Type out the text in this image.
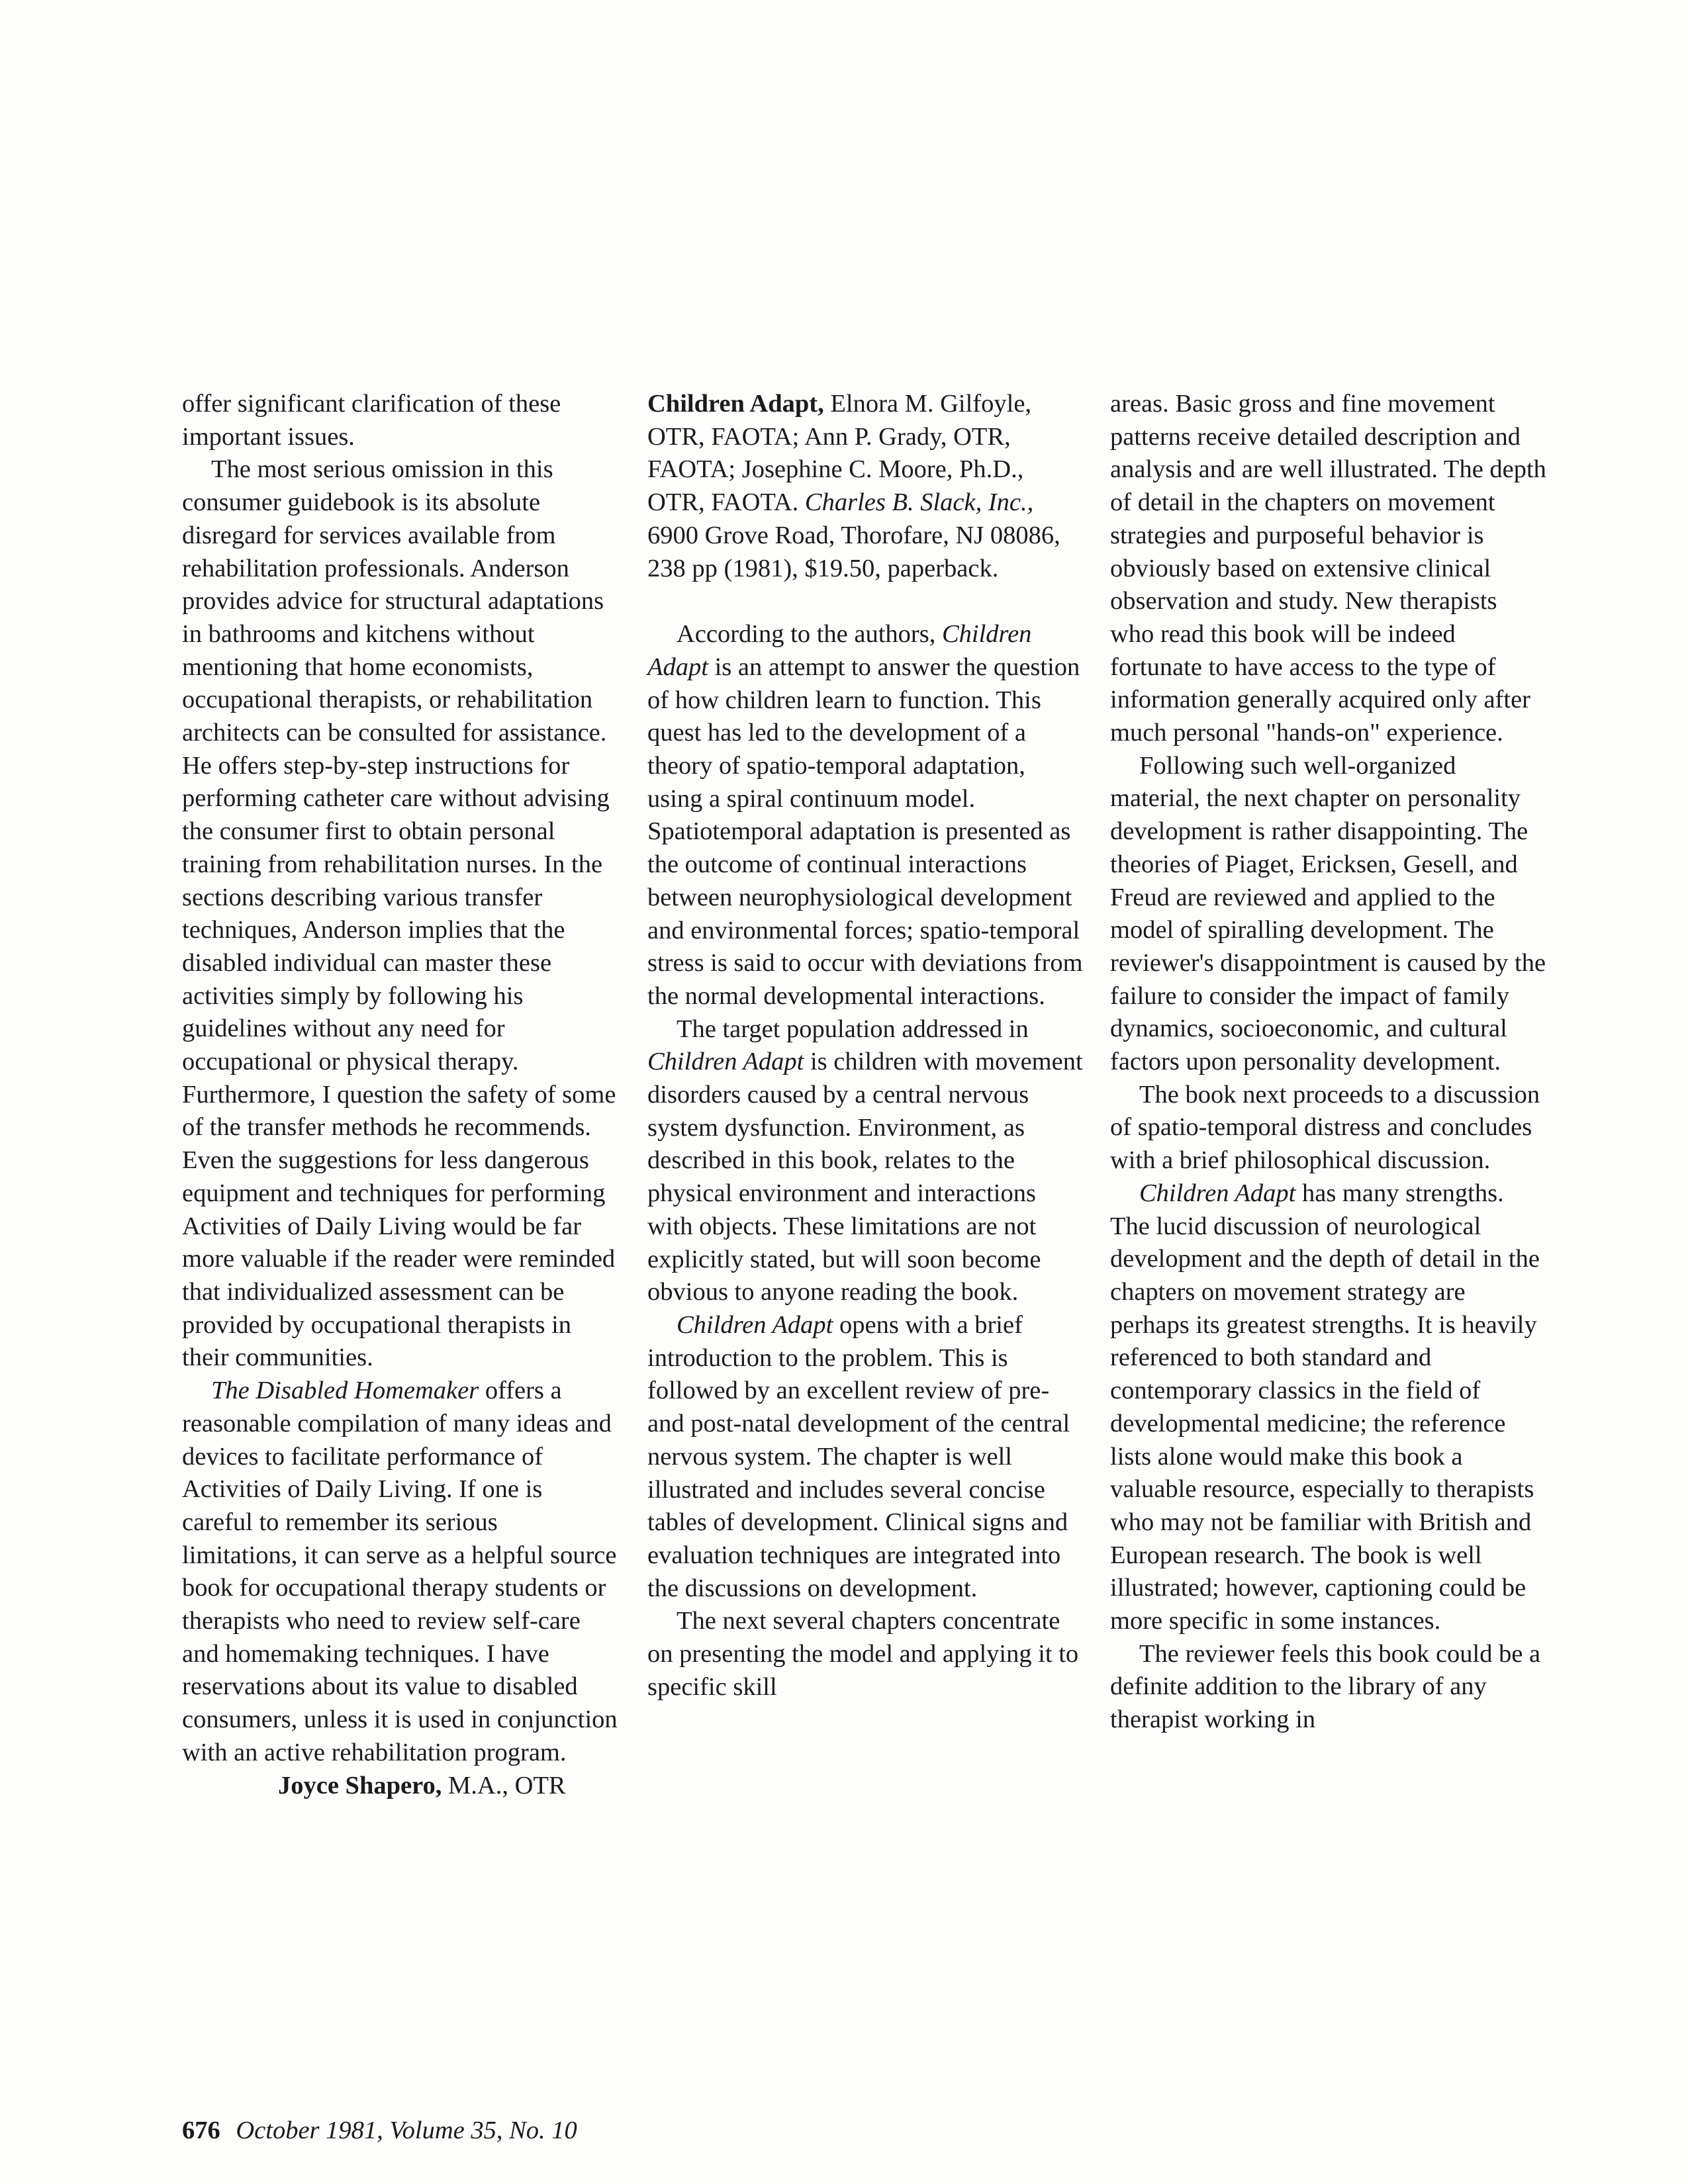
offer significant clarification of these important issues.

The most serious omission in this consumer guidebook is its absolute disregard for services available from rehabilitation professionals. Anderson provides advice for structural adaptations in bathrooms and kitchens without mentioning that home economists, occupational therapists, or rehabilitation architects can be consulted for assistance. He offers step-by-step instructions for performing catheter care without advising the consumer first to obtain personal training from rehabilitation nurses. In the sections describing various transfer techniques, Anderson implies that the disabled individual can master these activities simply by following his guidelines without any need for occupational or physical therapy. Furthermore, I question the safety of some of the transfer methods he recommends. Even the suggestions for less dangerous equipment and techniques for performing Activities of Daily Living would be far more valuable if the reader were reminded that individualized assessment can be provided by occupational therapists in their communities.

The Disabled Homemaker offers a reasonable compilation of many ideas and devices to facilitate performance of Activities of Daily Living. If one is careful to remember its serious limitations, it can serve as a helpful source book for occupational therapy students or therapists who need to review self-care and homemaking techniques. I have reservations about its value to disabled consumers, unless it is used in conjunction with an active rehabilitation program.

Joyce Shapero, M.A., OTR

Children Adapt, Elnora M. Gilfoyle, OTR, FAOTA; Ann P. Grady, OTR, FAOTA; Josephine C. Moore, Ph.D., OTR, FAOTA. Charles B. Slack, Inc., 6900 Grove Road, Thorofare, NJ 08086, 238 pp (1981), $19.50, paperback.

According to the authors, Children Adapt is an attempt to answer the question of how children learn to function. This quest has led to the development of a theory of spatio-temporal adaptation, using a spiral continuum model. Spatiotemporal adaptation is presented as the outcome of continual interactions between neurophysiological development and environmental forces; spatio-temporal stress is said to occur with deviations from the normal developmental interactions.

The target population addressed in Children Adapt is children with movement disorders caused by a central nervous system dysfunction. Environment, as described in this book, relates to the physical environment and interactions with objects. These limitations are not explicitly stated, but will soon become obvious to anyone reading the book.

Children Adapt opens with a brief introduction to the problem. This is followed by an excellent review of pre- and post-natal development of the central nervous system. The chapter is well illustrated and includes several concise tables of development. Clinical signs and evaluation techniques are integrated into the discussions on development.

The next several chapters concentrate on presenting the model and applying it to specific skill

areas. Basic gross and fine movement patterns receive detailed description and analysis and are well illustrated. The depth of detail in the chapters on movement strategies and purposeful behavior is obviously based on extensive clinical observation and study. New therapists who read this book will be indeed fortunate to have access to the type of information generally acquired only after much personal "hands-on" experience.

Following such well-organized material, the next chapter on personality development is rather disappointing. The theories of Piaget, Ericksen, Gesell, and Freud are reviewed and applied to the model of spiralling development. The reviewer's disappointment is caused by the failure to consider the impact of family dynamics, socioeconomic, and cultural factors upon personality development.

The book next proceeds to a discussion of spatio-temporal distress and concludes with a brief philosophical discussion.

Children Adapt has many strengths. The lucid discussion of neurological development and the depth of detail in the chapters on movement strategy are perhaps its greatest strengths. It is heavily referenced to both standard and contemporary classics in the field of developmental medicine; the reference lists alone would make this book a valuable resource, especially to therapists who may not be familiar with British and European research. The book is well illustrated; however, captioning could be more specific in some instances.

The reviewer feels this book could be a definite addition to the library of any therapist working in

676 October 1981, Volume 35, No. 10
